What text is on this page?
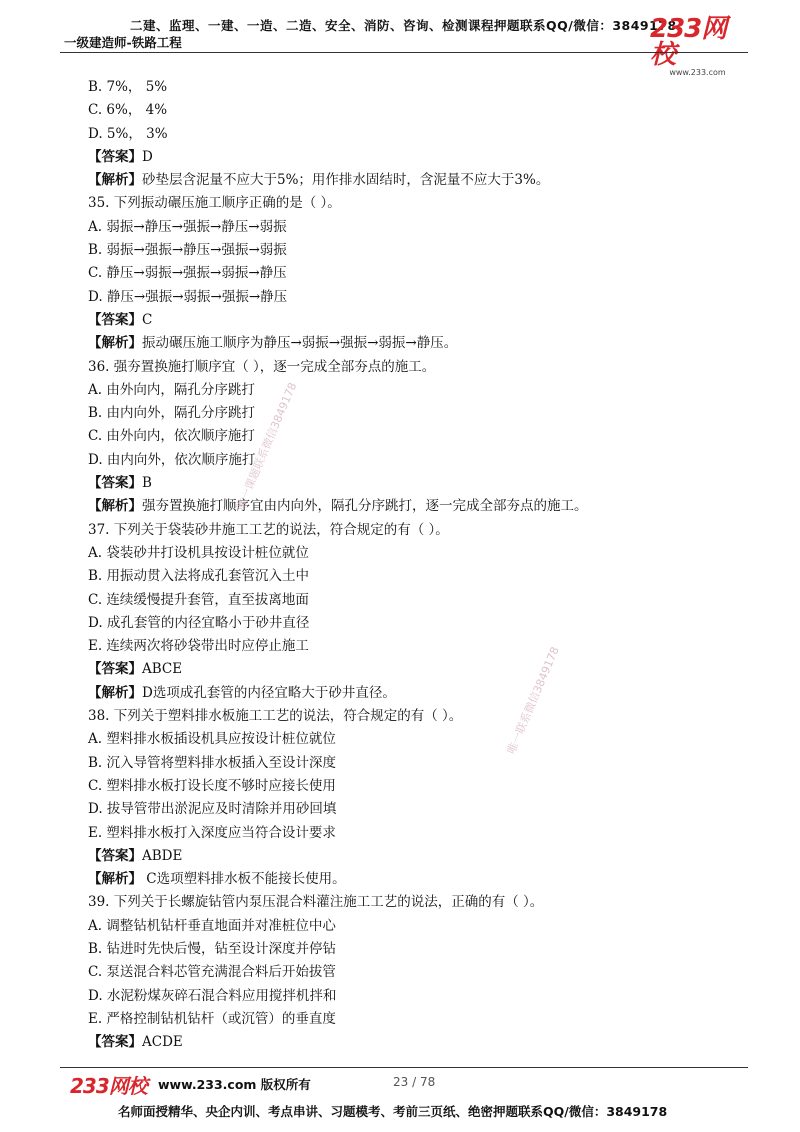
二建、监理、一建、一造、二造、安全、消防、咨询、检测课程押题联系QQ/微信：3849178
一级建造师-铁路工程	233网校
www.233.com
B. 7%， 5%
C. 6%， 4%
D. 5%， 3%
【答案】D
【解析】砂垫层含泥量不应大于5%；用作排水固结时，含泥量不应大于3%。
35. 下列振动碾压施工顺序正确的是（ ）。
A. 弱振→静压→强振→静压→弱振
B. 弱振→强振→静压→强振→弱振
C. 静压→弱振→强振→弱振→静压
D. 静压→强振→弱振→强振→静压
【答案】C
【解析】振动碾压施工顺序为静压→弱振→强振→弱振→静压。
36. 强夯置换施打顺序宜（ ），逐一完成全部夯点的施工。
A. 由外向内，隔孔分序跳打
B. 由内向外，隔孔分序跳打
C. 由外向内，依次顺序施打
D. 由内向外，依次顺序施打
【答案】B
【解析】强夯置换施打顺序宜由内向外，隔孔分序跳打，逐一完成全部夯点的施工。
37. 下列关于袋装砂井施工工艺的说法，符合规定的有（ ）。
A. 袋装砂井打设机具按设计桩位就位
B. 用振动贯入法将成孔套管沉入土中
C. 连续缓慢提升套管，直至拔离地面
D. 成孔套管的内径宜略小于砂井直径
E. 连续两次将砂袋带出时应停止施工
【答案】ABCE
【解析】D选项成孔套管的内径宜略大于砂井直径。
38. 下列关于塑料排水板施工工艺的说法，符合规定的有（ ）。
A. 塑料排水板插设机具应按设计桩位就位
B. 沉入导管将塑料排水板插入至设计深度
C. 塑料排水板打设长度不够时应接长使用
D. 拔导管带出淤泥应及时清除并用砂回填
E. 塑料排水板打入深度应当符合设计要求
【答案】ABDE
【解析】 C选项塑料排水板不能接长使用。
39. 下列关于长螺旋钻管内泵压混合料灌注施工工艺的说法，正确的有（ ）。
A. 调整钻机钻杆垂直地面并对准桩位中心
B. 钻进时先快后慢，钻至设计深度并停钻
C. 泵送混合料芯管充满混合料后开始拔管
D. 水泥粉煤灰碎石混合料应用搅拌机拌和
E. 严格控制钻机钻杆（或沉管）的垂直度
【答案】ACDE
唯一课题联系微信3849178
唯一联系微信3849178
233网校 www.233.com 版权所有	23 / 78
名师面授精华、央企内训、考点串讲、习题模考、考前三页纸、绝密押题联系QQ/微信：3849178
